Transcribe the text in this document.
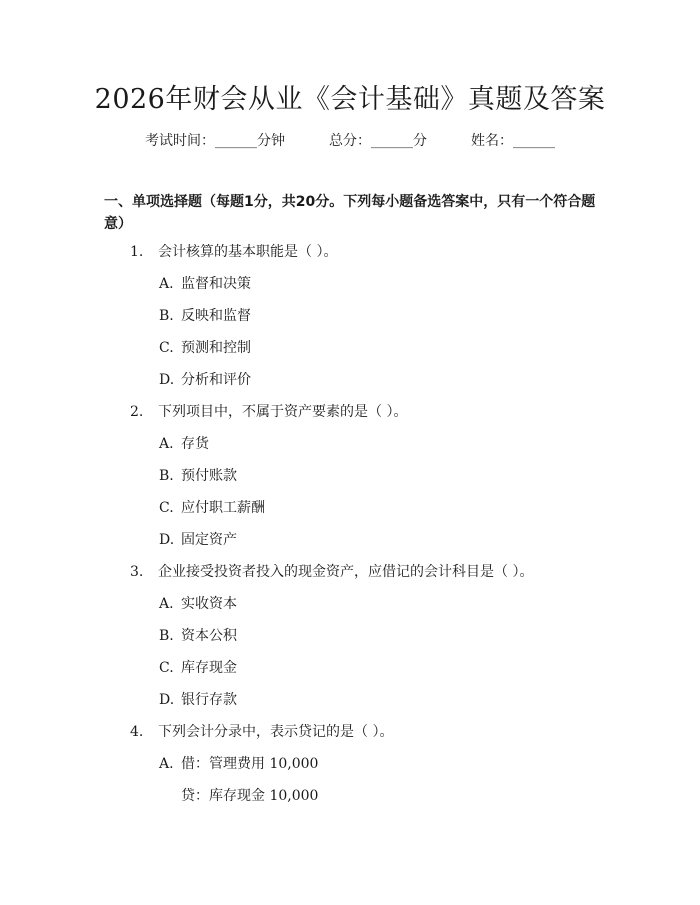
2026年财会从业《会计基础》真题及答案
考试时间：______分钟	总分：______分	姓名：______
一、单项选择题（每题1分，共20分。下列每小题备选答案中，只有一个符合题意）
1. 会计核算的基本职能是（ ）。
A. 监督和决策
B. 反映和监督
C. 预测和控制
D. 分析和评价
2. 下列项目中，不属于资产要素的是（ ）。
A. 存货
B. 预付账款
C. 应付职工薪酬
D. 固定资产
3. 企业接受投资者投入的现金资产，应借记的会计科目是（ ）。
A. 实收资本
B. 资本公积
C. 库存现金
D. 银行存款
4. 下列会计分录中，表示贷记的是（ ）。
A. 借：管理费用 10,000
贷：库存现金 10,000
